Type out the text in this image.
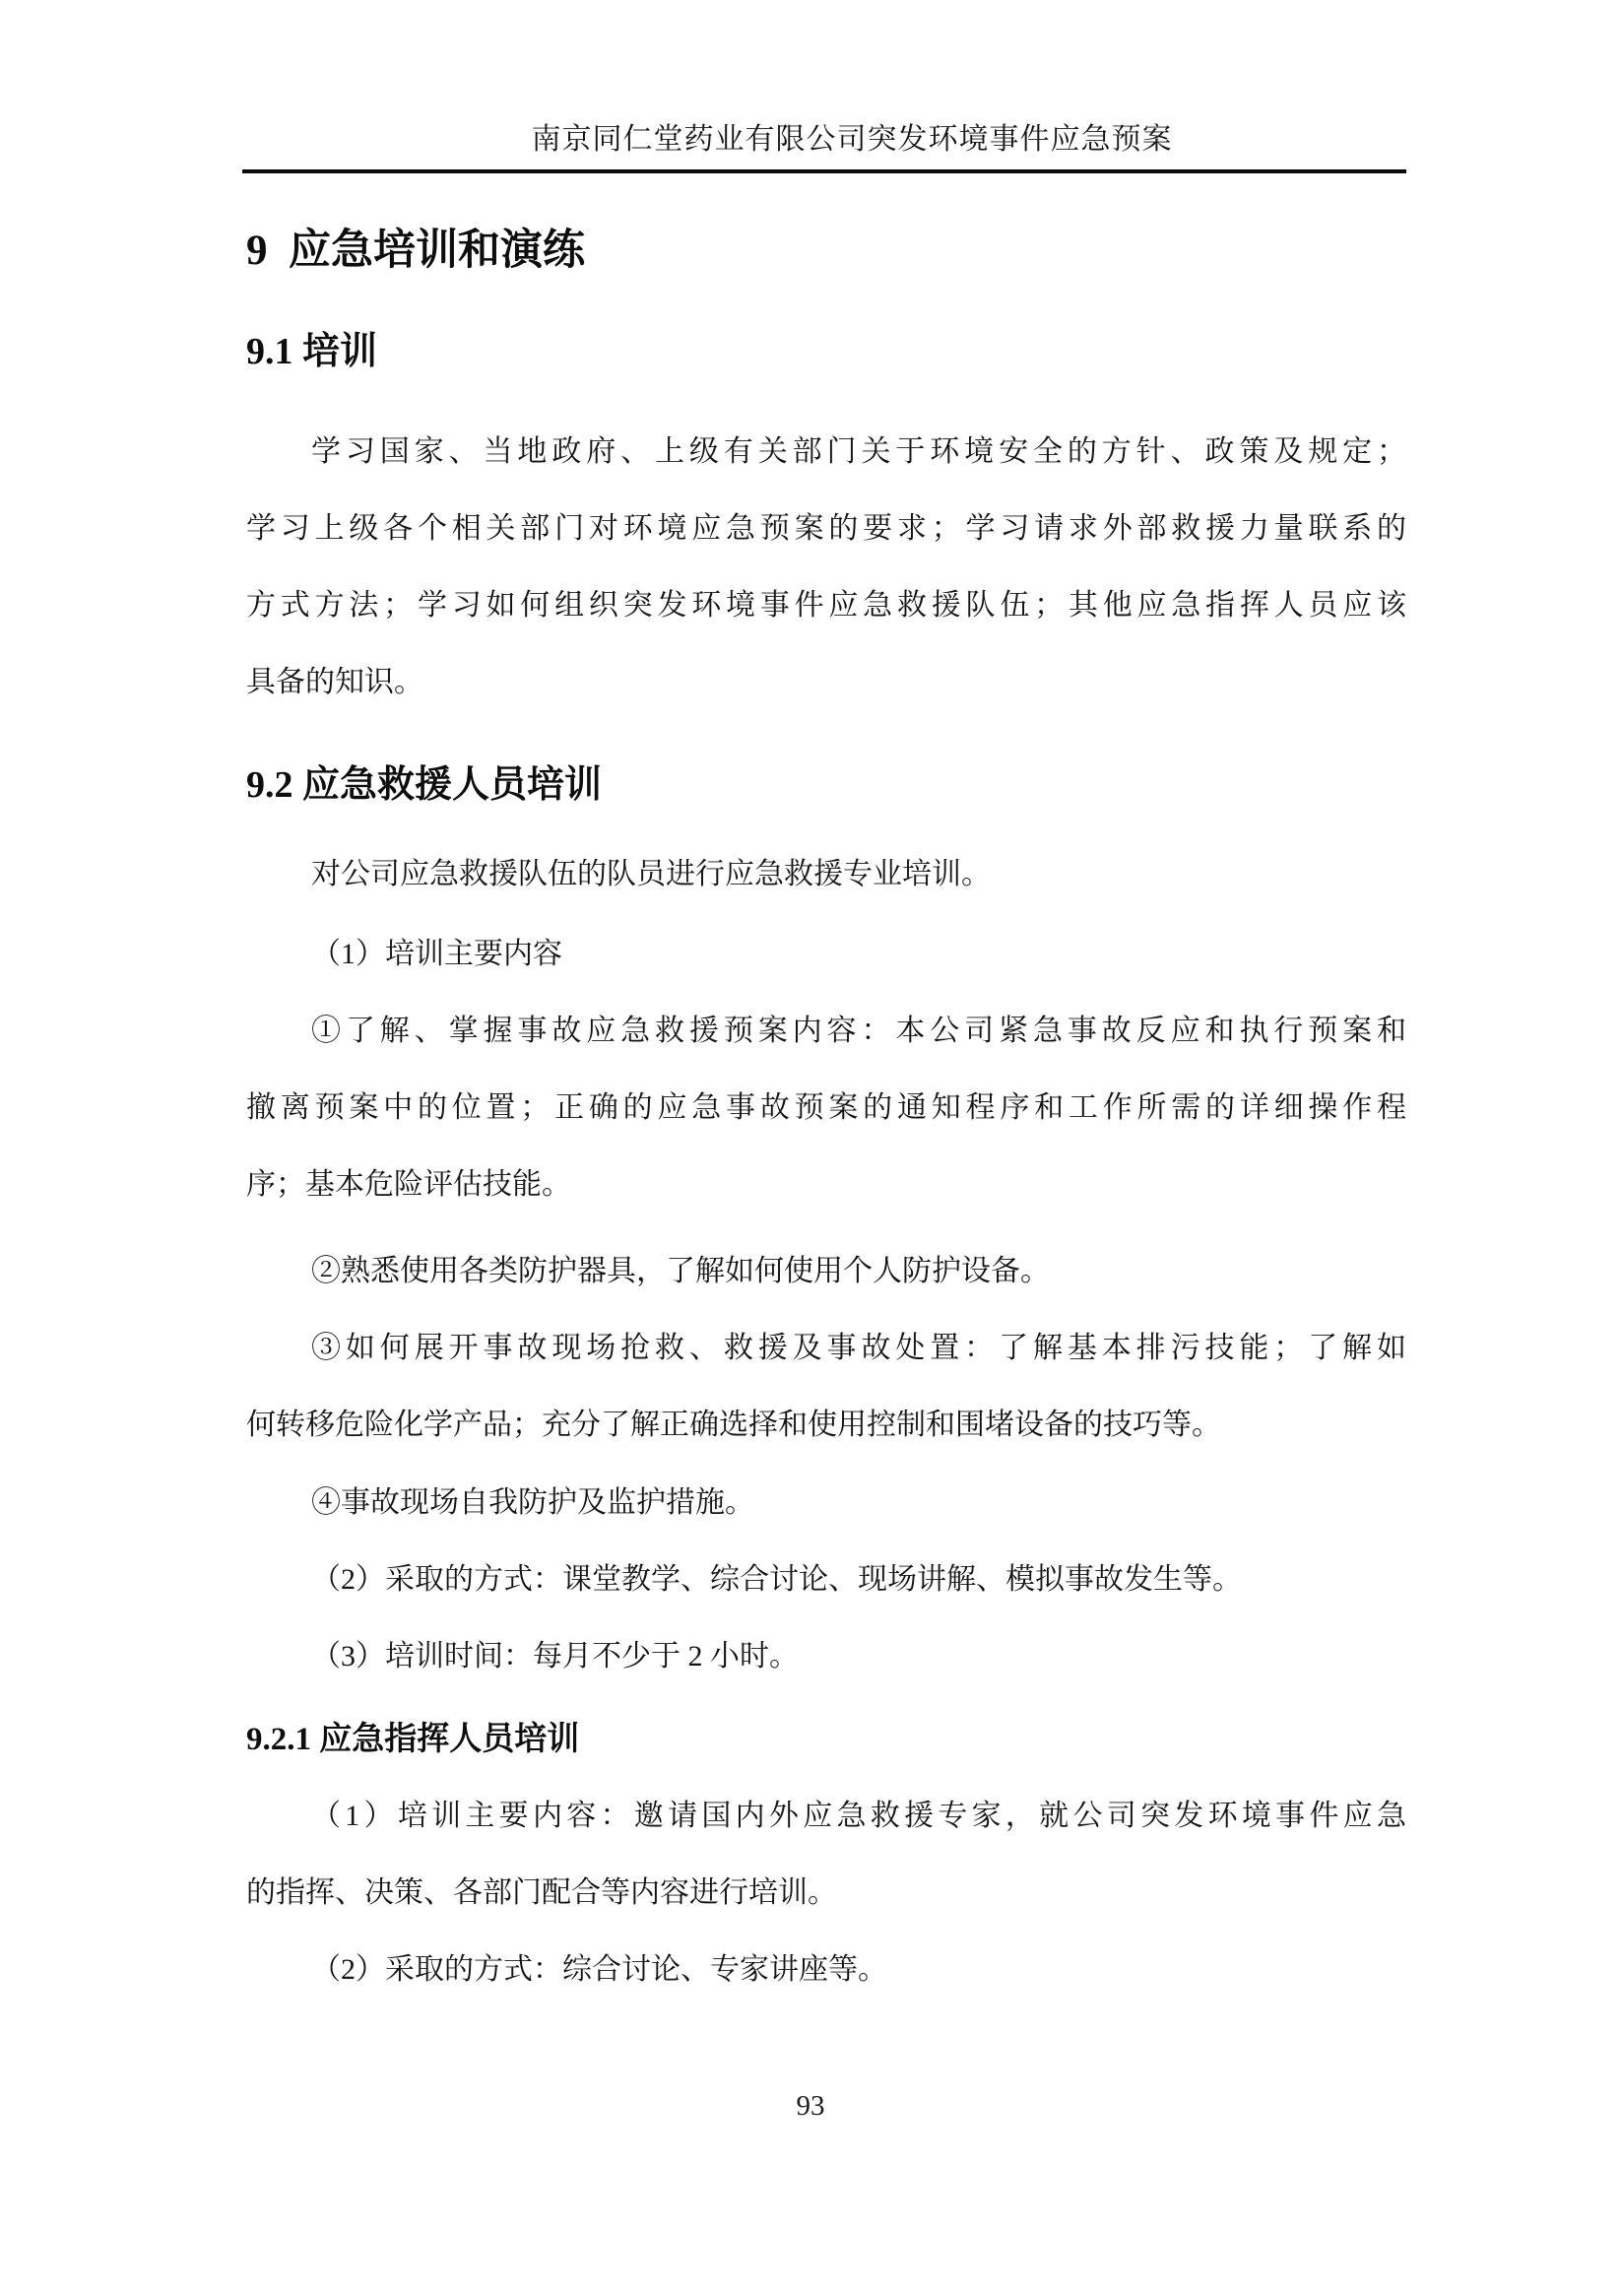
南京同仁堂药业有限公司突发环境事件应急预案
9  应急培训和演练
9.1 培训
学习国家、当地政府、上级有关部门关于环境安全的方针、政策及规定；
学习上级各个相关部门对环境应急预案的要求；学习请求外部救援力量联系的
方式方法；学习如何组织突发环境事件应急救援队伍；其他应急指挥人员应该
具备的知识。
9.2 应急救援人员培训
对公司应急救援队伍的队员进行应急救援专业培训。
（1）培训主要内容
①了解、掌握事故应急救援预案内容：本公司紧急事故反应和执行预案和
撤离预案中的位置；正确的应急事故预案的通知程序和工作所需的详细操作程
序；基本危险评估技能。
②熟悉使用各类防护器具，了解如何使用个人防护设备。
③如何展开事故现场抢救、救援及事故处置：了解基本排污技能；了解如
何转移危险化学产品；充分了解正确选择和使用控制和围堵设备的技巧等。
④事故现场自我防护及监护措施。
（2）采取的方式：课堂教学、综合讨论、现场讲解、模拟事故发生等。
（3）培训时间：每月不少于 2 小时。
9.2.1 应急指挥人员培训
（1）培训主要内容：邀请国内外应急救援专家，就公司突发环境事件应急
的指挥、决策、各部门配合等内容进行培训。
（2）采取的方式：综合讨论、专家讲座等。
93
